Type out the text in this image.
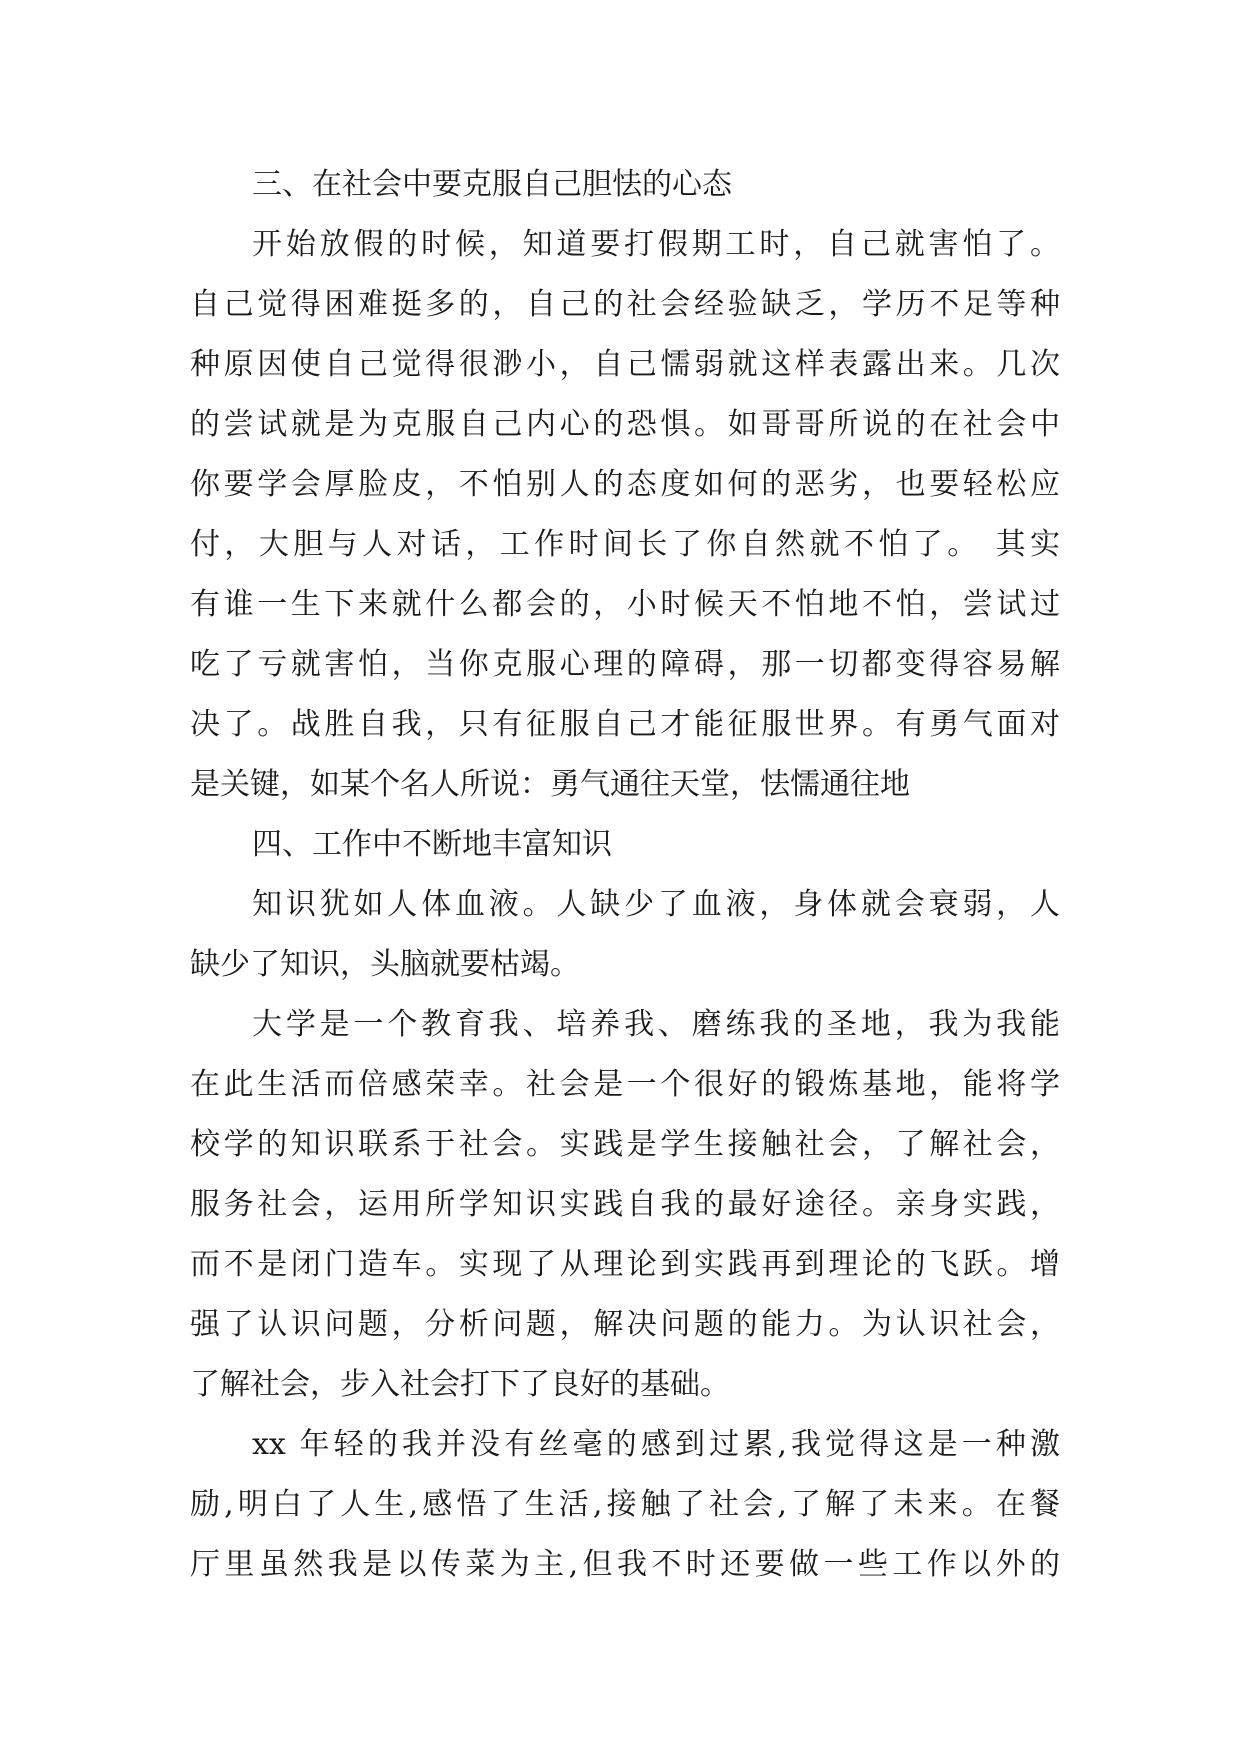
三、在社会中要克服自己胆怯的心态
开始放假的时候，知道要打假期工时，自己就害怕了。
自己觉得困难挺多的，自己的社会经验缺乏，学历不足等种
种原因使自己觉得很渺小，自己懦弱就这样表露出来。几次
的尝试就是为克服自己内心的恐惧。如哥哥所说的在社会中
你要学会厚脸皮，不怕别人的态度如何的恶劣，也要轻松应
付，大胆与人对话，工作时间长了你自然就不怕了。 其实
有谁一生下来就什么都会的，小时候天不怕地不怕，尝试过
吃了亏就害怕，当你克服心理的障碍，那一切都变得容易解
决了。战胜自我，只有征服自己才能征服世界。有勇气面对
是关键，如某个名人所说：勇气通往天堂，怯懦通往地
四、工作中不断地丰富知识
知识犹如人体血液。人缺少了血液，身体就会衰弱，人
缺少了知识，头脑就要枯竭。
大学是一个教育我、培养我、磨练我的圣地，我为我能
在此生活而倍感荣幸。社会是一个很好的锻炼基地，能将学
校学的知识联系于社会。实践是学生接触社会，了解社会，
服务社会，运用所学知识实践自我的最好途径。亲身实践，
而不是闭门造车。实现了从理论到实践再到理论的飞跃。增
强了认识问题，分析问题，解决问题的能力。为认识社会，
了解社会，步入社会打下了良好的基础。
xx 年轻的我并没有丝毫的感到过累,我觉得这是一种激
励,明白了人生,感悟了生活,接触了社会,了解了未来。在餐
厅里虽然我是以传菜为主,但我不时还要做一些工作以外的
